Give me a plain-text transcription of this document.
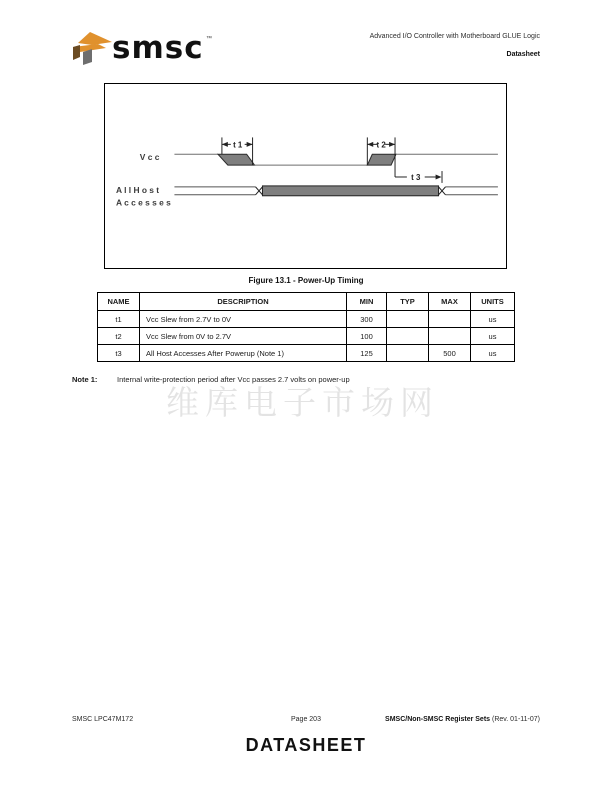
smsc ™	Advanced I/O Controller with Motherboard GLUE Logic
Datasheet
V c c
A l l H o s t
A c c e s s e s
t 1	t 2
t 3
Figure 13.1 - Power-Up Timing
NAME	DESCRIPTION	MIN	TYP	MAX	UNITS
t1	Vcc Slew from 2.7V to 0V	300			us
t2	Vcc Slew from 0V to 2.7V	100			us
t3	All Host Accesses After Powerup (Note 1)	125		500	us
Note 1:	Internal write-protection period after Vcc passes 2.7 volts on power-up
维库电子市场网
SMSC LPC47M172	Page 203	SMSC/Non-SMSC Register Sets (Rev. 01-11-07)
DATASHEET
